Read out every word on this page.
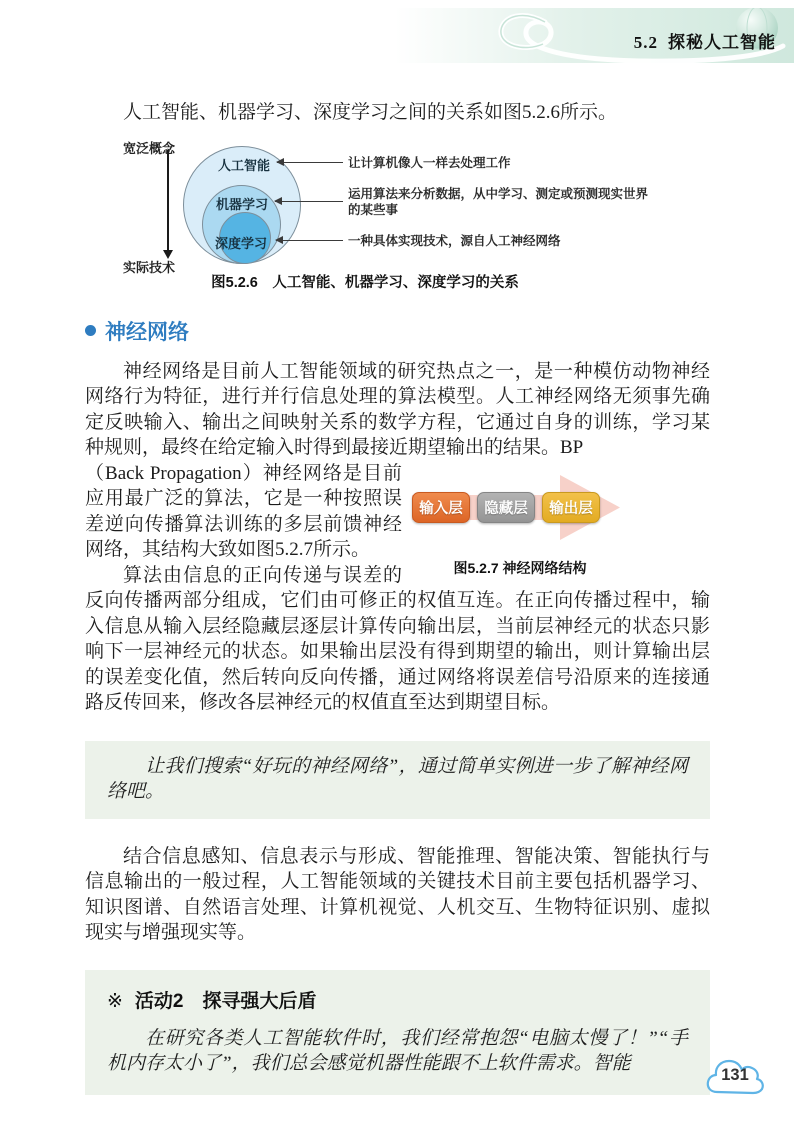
5.2 探秘人工智能

人工智能、机器学习、深度学习之间的关系如图5.2.6所示。

宽泛概念
实际技术
人工智能
机器学习
深度学习
让计算机像人一样去处理工作
运用算法来分析数据，从中学习、测定或预测现实世界的某些事
一种具体实现技术，源自人工神经网络
图5.2.6　人工智能、机器学习、深度学习的关系
神经网络

神经网络是目前人工智能领域的研究热点之一，是一种模仿动物神经网络行为特征，进行并行信息处理的算法模型。人工神经网络无须事先确定反映输入、输出之间映射关系的数学方程，它通过自身的训练，学习某种规则，最终在给定输入时得到最接近期望输出的结果。BP

输入层	隐藏层	输出层
图5.2.7 神经网络结构

（Back Propagation）神经网络是目前应用最广泛的算法，它是一种按照误差逆向传播算法训练的多层前馈神经网络，其结构大致如图5.2.7所示。

算法由信息的正向传递与误差的反向传播两部分组成，它们由可修正的权值互连。在正向传播过程中，输入信息从输入层经隐藏层逐层计算传向输出层，当前层神经元的状态只影响下一层神经元的状态。如果输出层没有得到期望的输出，则计算输出层的误差变化值，然后转向反向传播，通过网络将误差信号沿原来的连接通路反传回来，修改各层神经元的权值直至达到期望目标。

让我们搜索“好玩的神经网络”，通过简单实例进一步了解神经网络吧。

结合信息感知、信息表示与形成、智能推理、智能决策、智能执行与信息输出的一般过程，人工智能领域的关键技术目前主要包括机器学习、知识图谱、自然语言处理、计算机视觉、人机交互、生物特征识别、虚拟现实与增强现实等。

※ 活动2　探寻强大后盾

在研究各类人工智能软件时，我们经常抱怨“电脑太慢了！”“手机内存太小了”，我们总会感觉机器性能跟不上软件需求。智能

131
